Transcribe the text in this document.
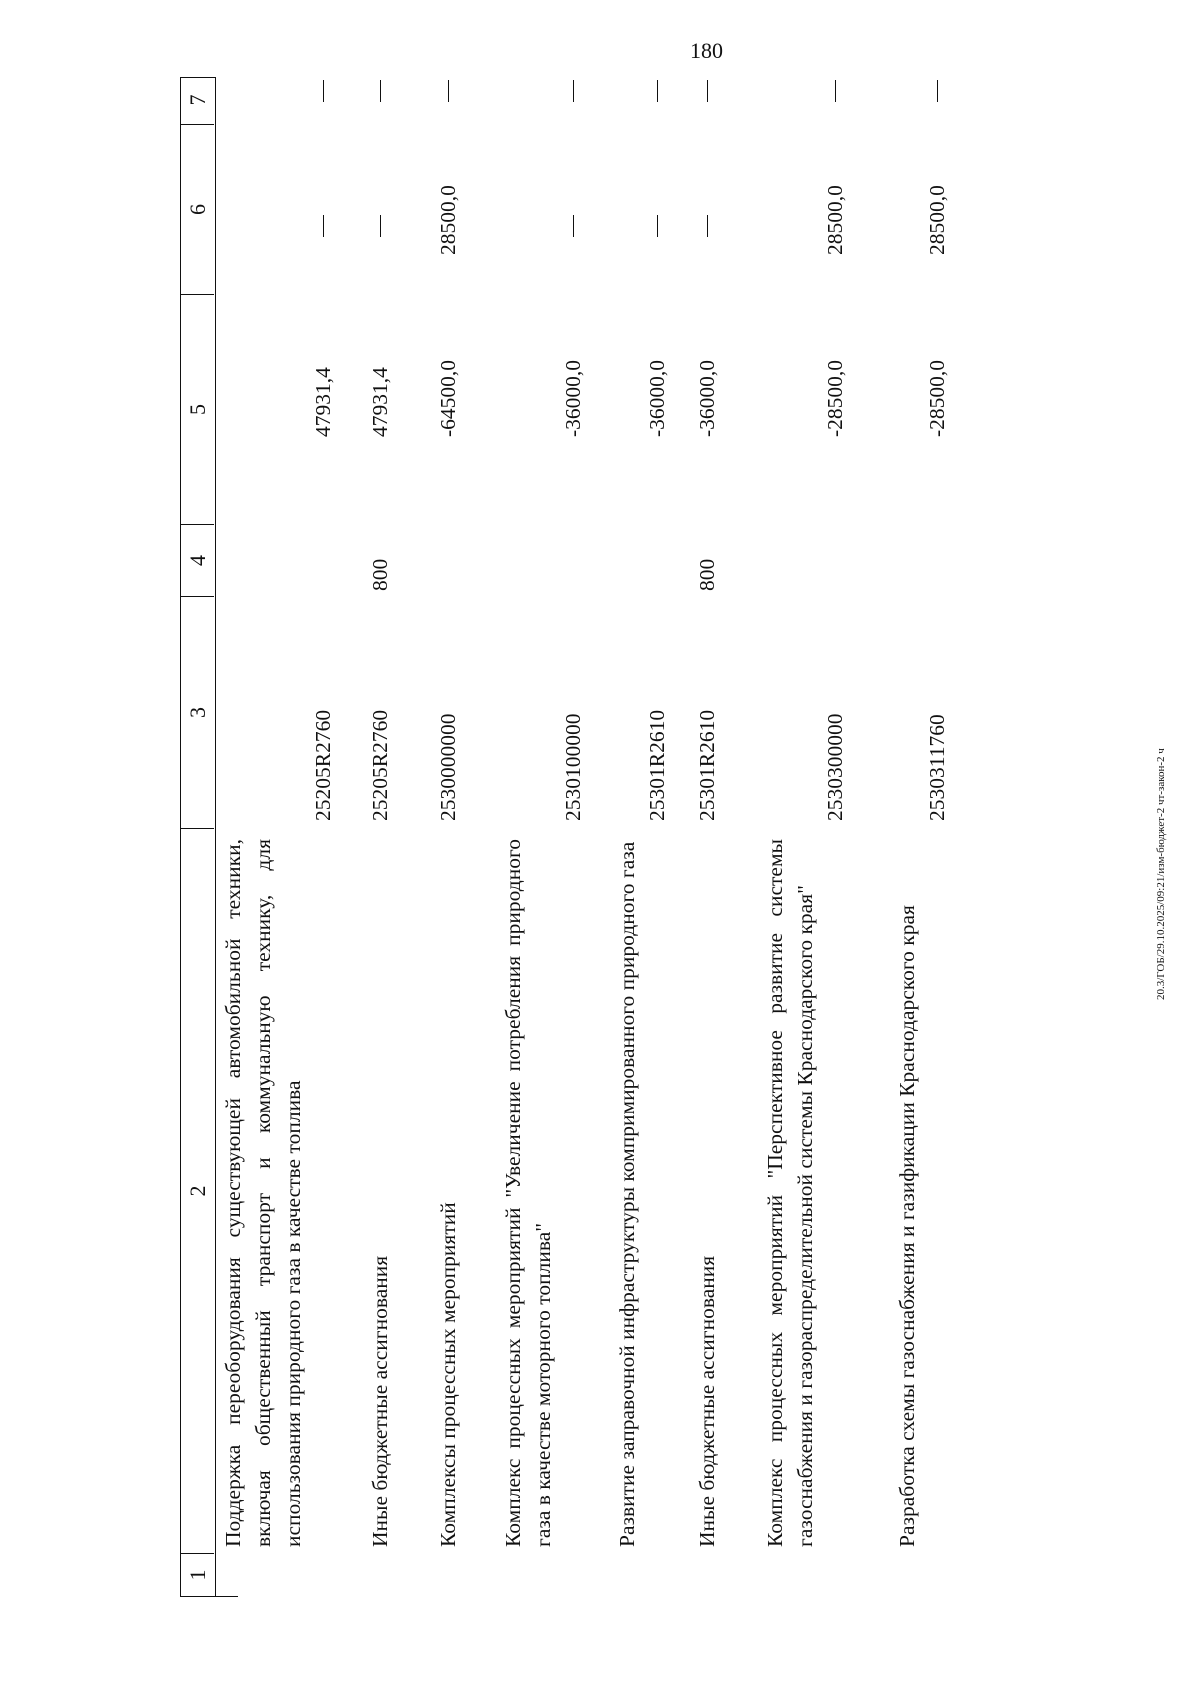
180
20.3/ГОБ/29.10.2025/09:21/изм-бюджет-2 чт-закон-2 ч
1
2
3
4
5
6
7
Поддержка переоборудования существующей автомобильной техники, включая общественный транспорт и коммунальную технику, для использования природного газа в качестве топлива
25205R2760
47931,4
Иные бюджетные ассигнования
25205R2760
800
47931,4
Комплексы процессных мероприятий
2530000000
-64500,0
28500,0
Комплекс процессных мероприятий "Увеличение потребления природного газа в качестве моторного топлива"
2530100000
-36000,0
Развитие заправочной инфраструктуры компримированного природного газа
25301R2610
-36000,0
Иные бюджетные ассигнования
25301R2610
800
-36000,0
Комплекс процессных мероприятий "Перспективное развитие системы газоснабжения и газораспределительной системы Краснодарского края"
2530300000
-28500,0
28500,0
Разработка схемы газоснабжения и газификации Краснодарского края
2530311760
-28500,0
28500,0
